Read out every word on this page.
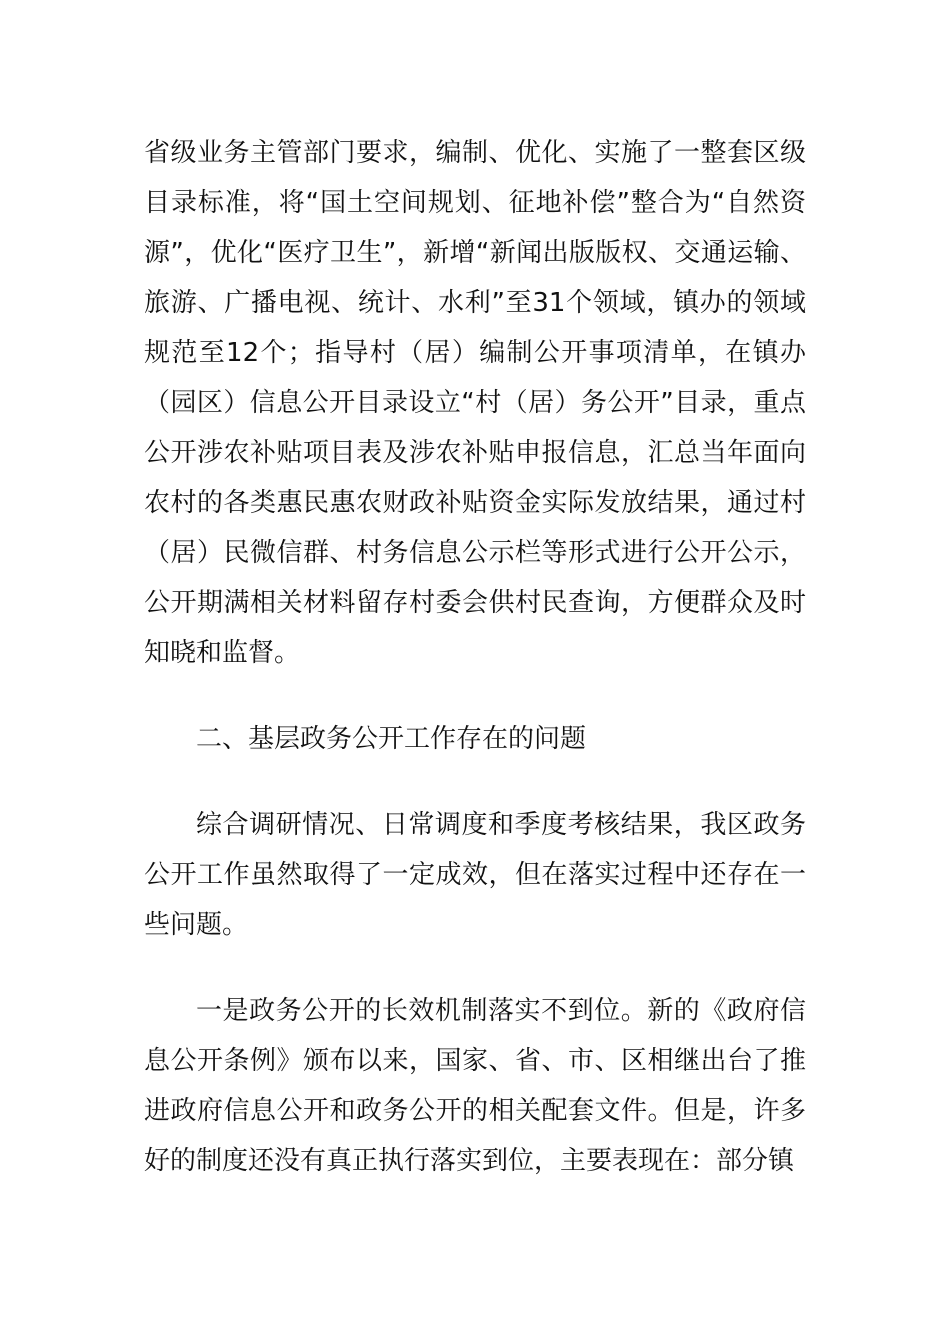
省级业务主管部门要求，编制、优化、实施了一整套区级目录标准，将“国土空间规划、征地补偿”整合为“自然资源”，优化“医疗卫生”，新增“新闻出版版权、交通运输、旅游、广播电视、统计、水利”至31个领域，镇办的领域规范至12个；指导村（居）编制公开事项清单，在镇办（园区）信息公开目录设立“村（居）务公开”目录，重点公开涉农补贴项目表及涉农补贴申报信息，汇总当年面向农村的各类惠民惠农财政补贴资金实际发放结果，通过村（居）民微信群、村务信息公示栏等形式进行公开公示，公开期满相关材料留存村委会供村民查询，方便群众及时知晓和监督。

二、基层政务公开工作存在的问题

综合调研情况、日常调度和季度考核结果，我区政务公开工作虽然取得了一定成效，但在落实过程中还存在一些问题。

一是政务公开的长效机制落实不到位。新的《政府信息公开条例》颁布以来，国家、省、市、区相继出台了推进政府信息公开和政务公开的相关配套文件。但是，许多好的制度还没有真正执行落实到位，主要表现在：部分镇
